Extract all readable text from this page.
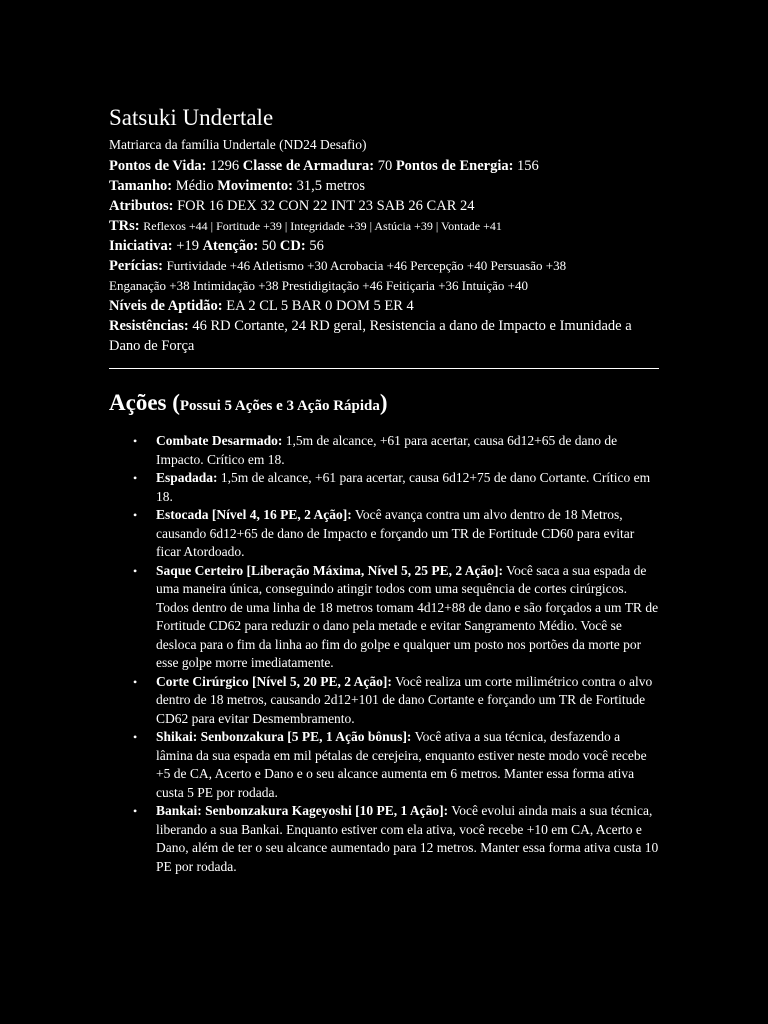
Satsuki Undertale

Matriarca da família Undertale (ND24 Desafio)

Pontos de Vida: 1296 Classe de Armadura: 70 Pontos de Energia: 156

Tamanho: Médio Movimento: 31,5 metros

Atributos: FOR 16 DEX 32 CON 22 INT 23 SAB 26 CAR 24

TRs: Reflexos +44 | Fortitude +39 | Integridade +39 | Astúcia +39 | Vontade +41

Iniciativa: +19 Atenção: 50 CD: 56

Perícias: Furtividade +46 Atletismo +30 Acrobacia +46 Percepção +40 Persuasão +38
Enganação +38 Intimidação +38 Prestidigitação +46 Feitiçaria +36 Intuição +40

Níveis de Aptidão: EA 2 CL 5 BAR 0 DOM 5 ER 4

Resistências: 46 RD Cortante, 24 RD geral, Resistencia a dano de Impacto e Imunidade a Dano de Força

Ações (Possui 5 Ações e 3 Ação Rápida)
• Combate Desarmado: 1,5m de alcance, +61 para acertar, causa 6d12+65 de dano de Impacto. Crítico em 18.
• Espadada: 1,5m de alcance, +61 para acertar, causa 6d12+75 de dano Cortante. Crítico em 18.
• Estocada [Nível 4, 16 PE, 2 Ação]: Você avança contra um alvo dentro de 18 Metros, causando 6d12+65 de dano de Impacto e forçando um TR de Fortitude CD60 para evitar ficar Atordoado.
• Saque Certeiro [Liberação Máxima, Nível 5, 25 PE, 2 Ação]: Você saca a sua espada de uma maneira única, conseguindo atingir todos com uma sequência de cortes cirúrgicos. Todos dentro de uma linha de 18 metros tomam 4d12+88 de dano e são forçados a um TR de Fortitude CD62 para reduzir o dano pela metade e evitar Sangramento Médio. Você se desloca para o fim da linha ao fim do golpe e qualquer um posto nos portões da morte por esse golpe morre imediatamente.
• Corte Cirúrgico [Nível 5, 20 PE, 2 Ação]: Você realiza um corte milimétrico contra o alvo dentro de 18 metros, causando 2d12+101 de dano Cortante e forçando um TR de Fortitude CD62 para evitar Desmembramento.
• Shikai: Senbonzakura [5 PE, 1 Ação bônus]: Você ativa a sua técnica, desfazendo a lâmina da sua espada em mil pétalas de cerejeira, enquanto estiver neste modo você recebe +5 de CA, Acerto e Dano e o seu alcance aumenta em 6 metros. Manter essa forma ativa custa 5 PE por rodada.
• Bankai: Senbonzakura Kageyoshi [10 PE, 1 Ação]: Você evolui ainda mais a sua técnica, liberando a sua Bankai. Enquanto estiver com ela ativa, você recebe +10 em CA, Acerto e Dano, além de ter o seu alcance aumentado para 12 metros. Manter essa forma ativa custa 10 PE por rodada.
